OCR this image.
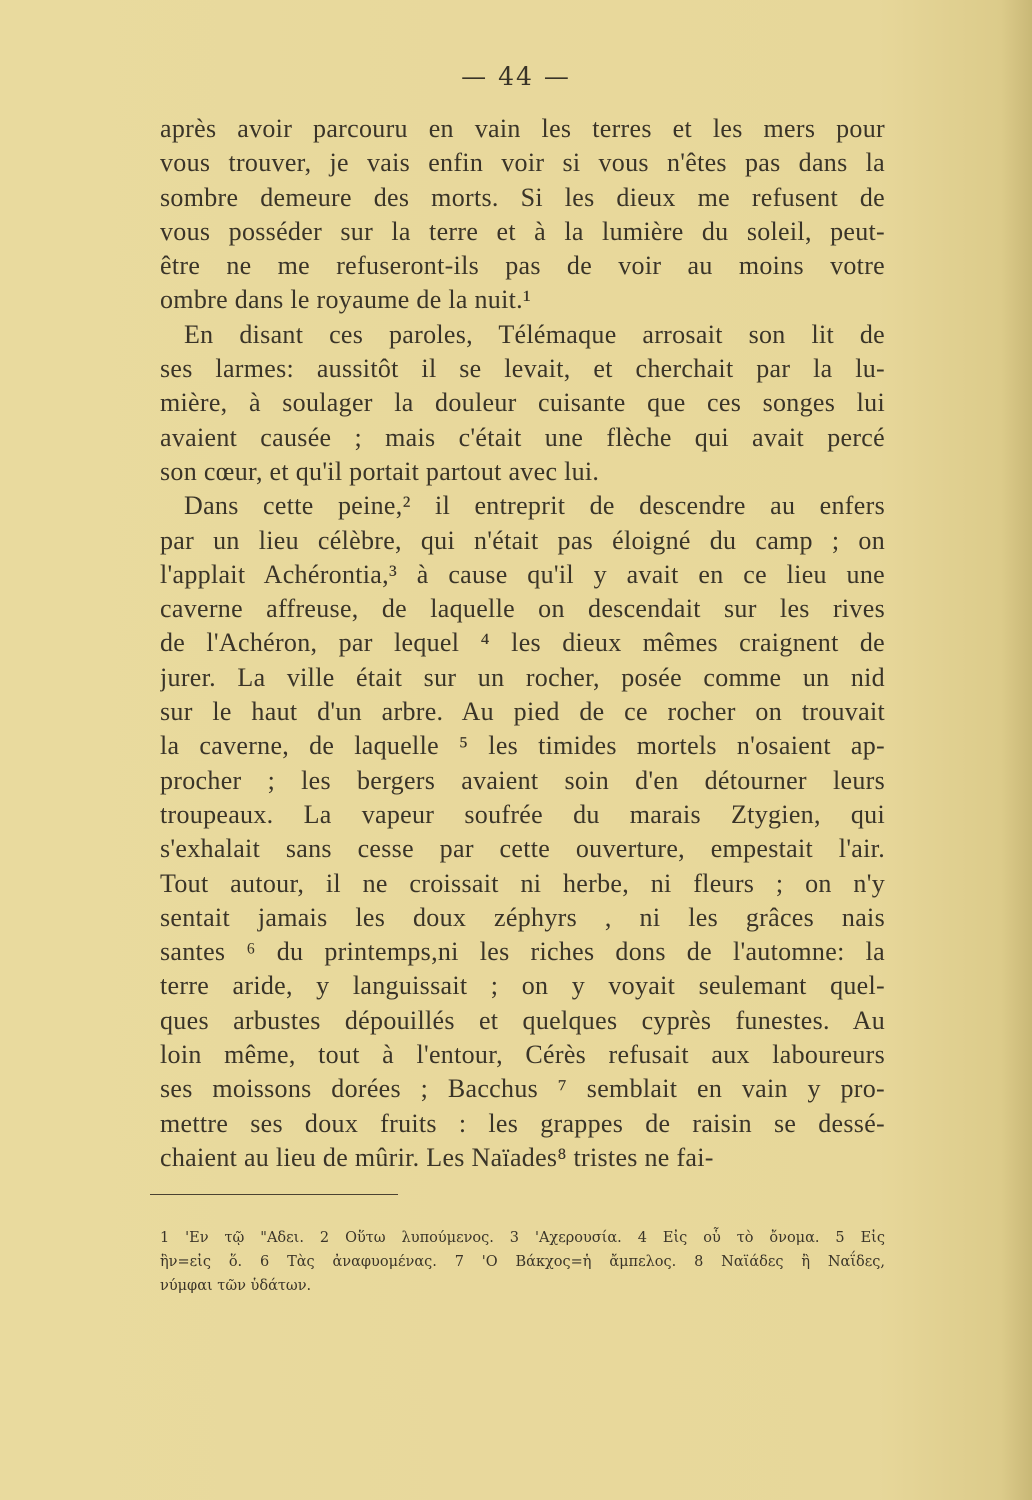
— 44 —
après avoir parcouru en vain les terres et les mers pour
vous trouver, je vais enfin voir si vous n'êtes pas dans la
sombre demeure des morts. Si les dieux me refusent de
vous posséder sur la terre et à la lumière du soleil, peut-
être ne me refuseront-ils pas de voir au moins votre
ombre dans le royaume de la nuit.¹
En disant ces paroles, Télémaque arrosait son lit de
ses larmes: aussitôt il se levait, et cherchait par la lu-
mière, à soulager la douleur cuisante que ces songes lui
avaient causée ; mais c'était une flèche qui avait percé
son cœur, et qu'il portait partout avec lui.
Dans cette peine,² il entreprit de descendre au enfers
par un lieu célèbre, qui n'était pas éloigné du camp ; on
l'applait Achérontia,³ à cause qu'il y avait en ce lieu une
caverne affreuse, de laquelle on descendait sur les rives
de l'Achéron, par lequel ⁴ les dieux mêmes craignent de
jurer. La ville était sur un rocher, posée comme un nid
sur le haut d'un arbre. Au pied de ce rocher on trouvait
la caverne, de laquelle ⁵ les timides mortels n'osaient ap-
procher ; les bergers avaient soin d'en détourner leurs
troupeaux. La vapeur soufrée du marais Ztygien, qui
s'exhalait sans cesse par cette ouverture, empestait l'air.
Tout autour, il ne croissait ni herbe, ni fleurs ; on n'y
sentait jamais les doux zéphyrs , ni les grâces nais
santes ⁶ du printemps,ni les riches dons de l'automne: la
terre aride, y languissait ; on y voyait seulemant quel-
ques arbustes dépouillés et quelques cyprès funestes. Au
loin même, tout à l'entour, Cérès refusait aux laboureurs
ses moissons dorées ; Bacchus ⁷ semblait en vain y pro-
mettre ses doux fruits : les grappes de raisin se dessé-
chaient au lieu de mûrir. Les Naïades⁸ tristes ne fai-
1 'Εν τῷ "Αδει. 2 Οὕτω λυπούμενος. 3 'Αχερουσία. 4 Εἰς οὗ τὸ ὄνομα. 5 Εἰς
ἣν=εἰς ὅ. 6 Τὰς ἀναφυομένας. 7 'Ο Βάκχος=ἡ ἄμπελος. 8 Ναϊάδες ἢ Ναΐδες,
νύμφαι τῶν ὑδάτων.
